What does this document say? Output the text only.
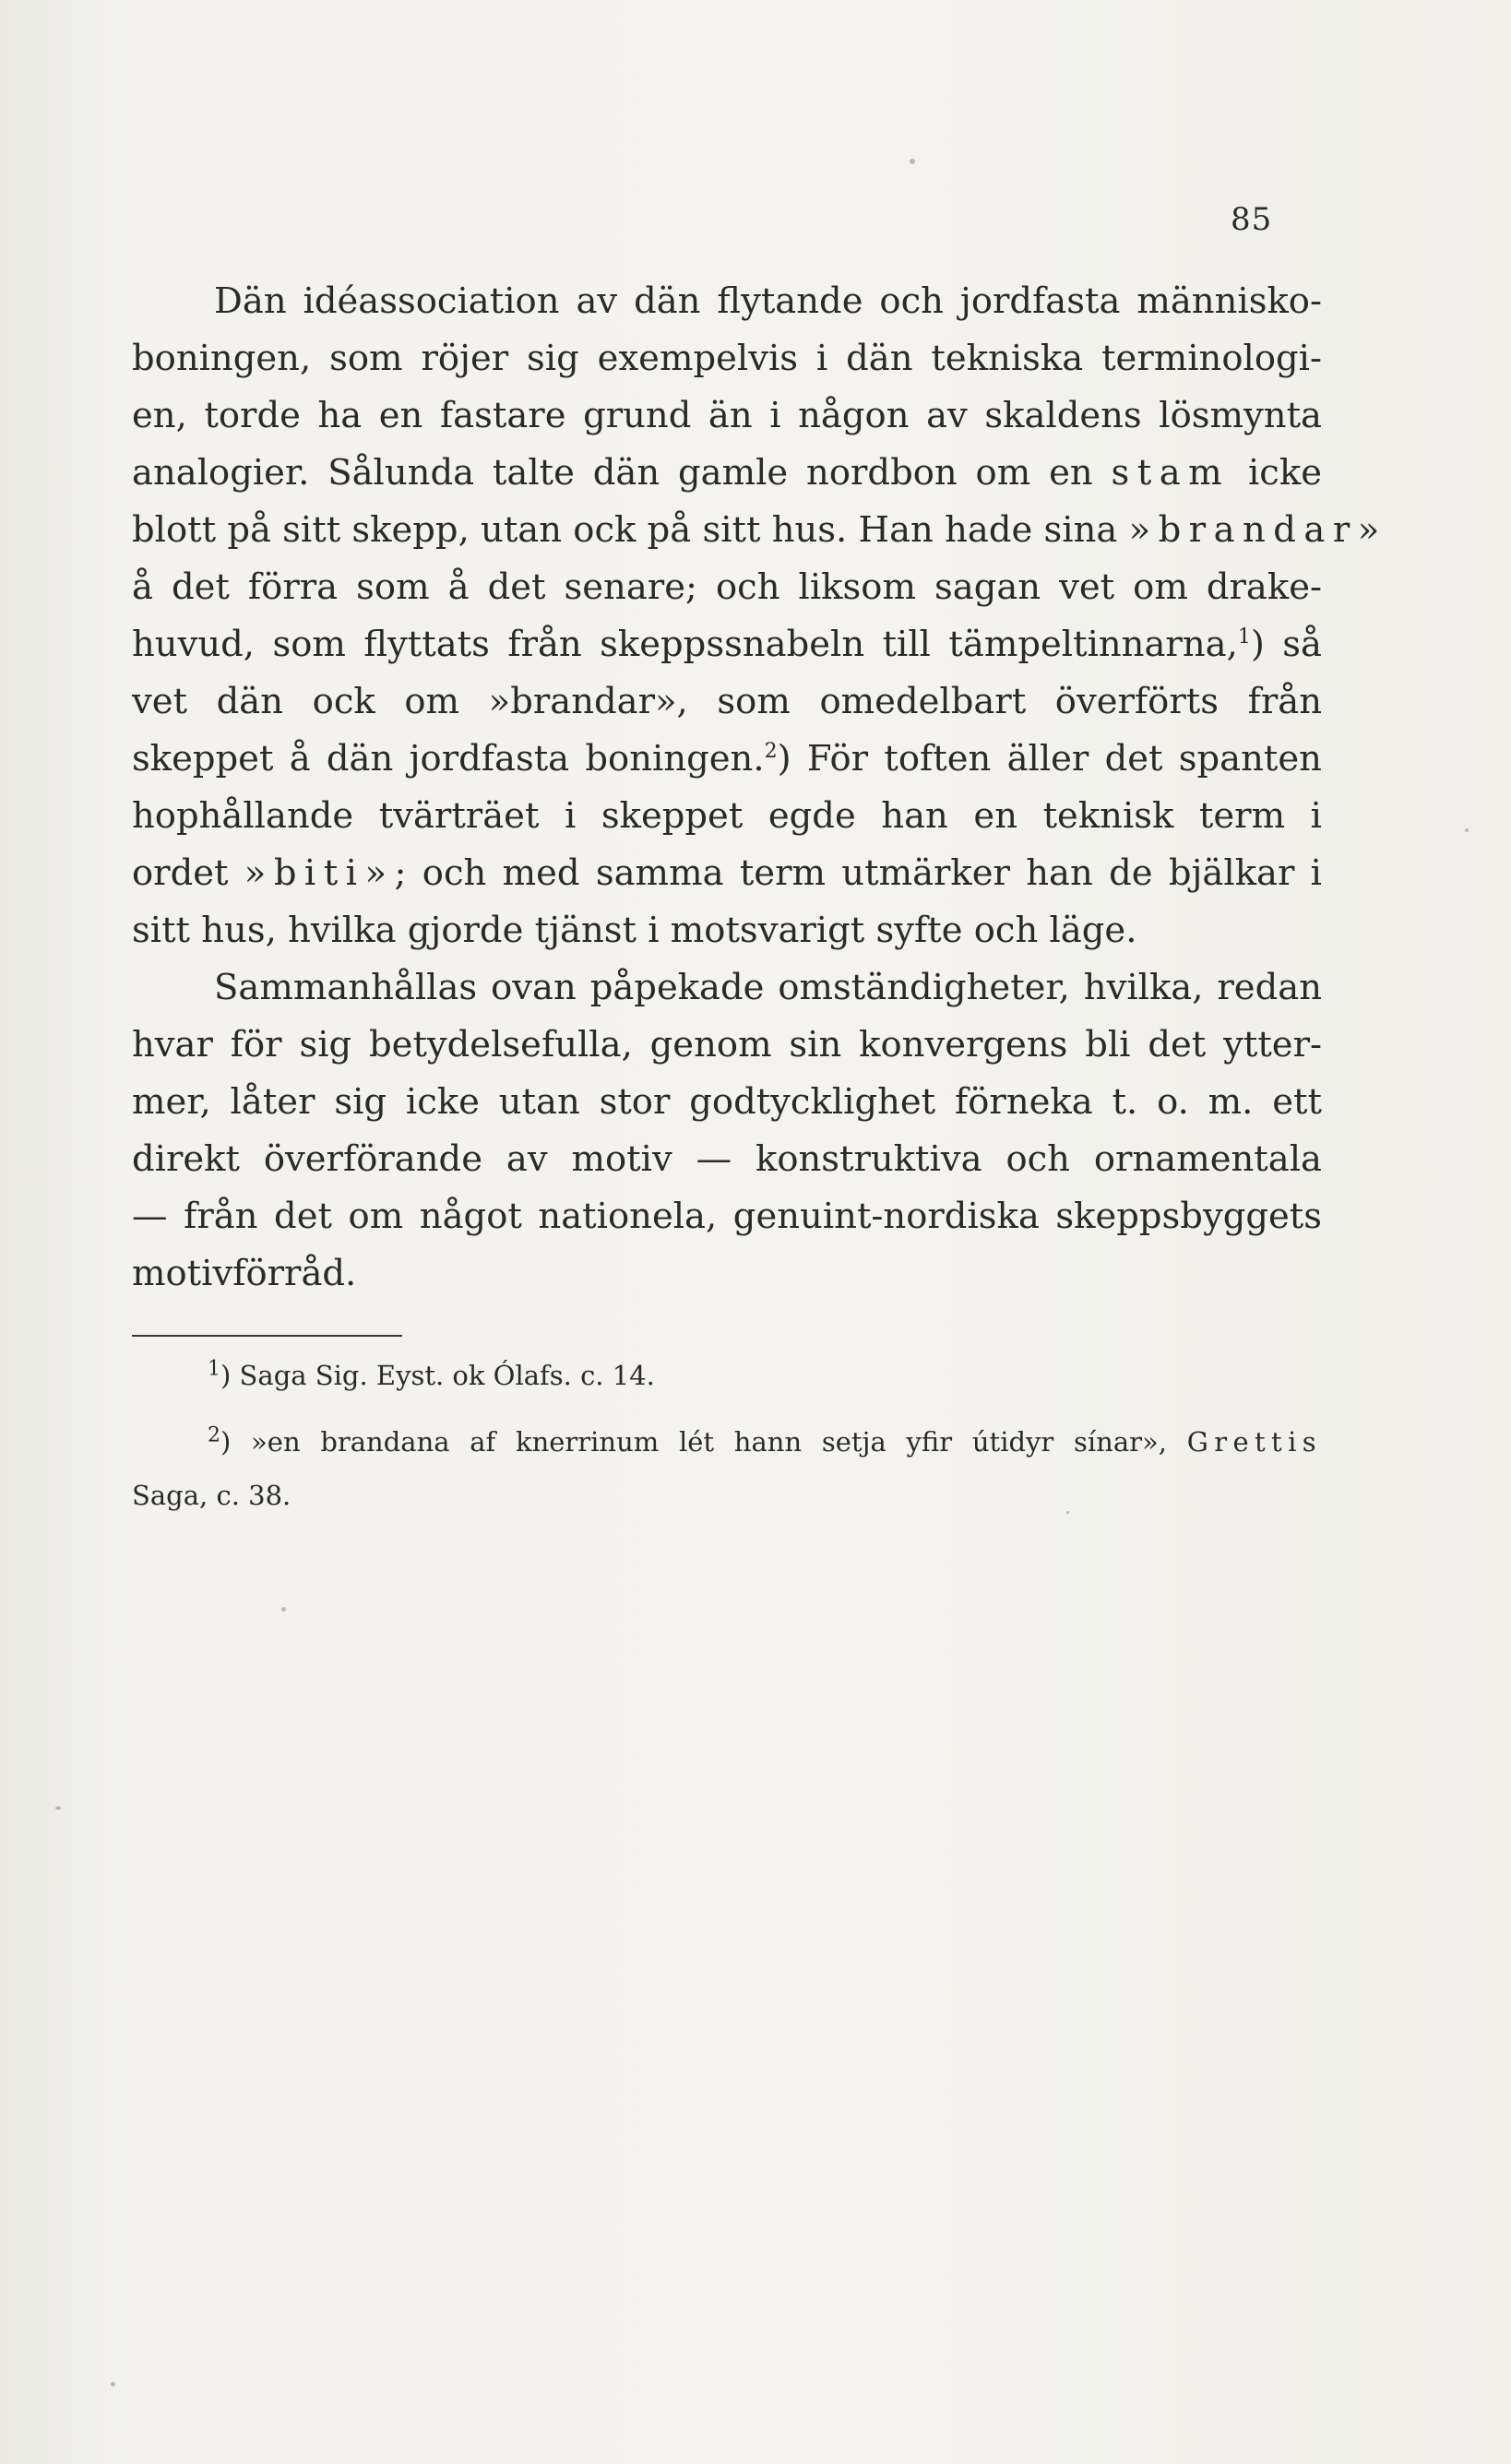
85
Dän idéassociation av dän flytande och jordfasta människo-
boningen, som röjer sig exempelvis i dän tekniska terminologi-
en, torde ha en fastare grund än i någon av skaldens lösmynta
analogier. Sålunda talte dän gamle nordbon om en stam icke
blott på sitt skepp, utan ock på sitt hus. Han hade sina »brandar»
å det förra som å det senare; och liksom sagan vet om drake-
huvud, som flyttats från skeppssnabeln till tämpeltinnarna,$^1$) så
vet dän ock om »brandar», som omedelbart överförts från
skeppet å dän jordfasta boningen.$^2$) För toften äller det spanten
hophållande tvärträet i skeppet egde han en teknisk term i
ordet »biti»; och med samma term utmärker han de bjälkar i
sitt hus, hvilka gjorde tjänst i motsvarigt syfte och läge.
Sammanhållas ovan påpekade omständigheter, hvilka, redan
hvar för sig betydelsefulla, genom sin konvergens bli det ytter-
mer, låter sig icke utan stor godtycklighet förneka t. o. m. ett
direkt överförande av motiv — konstruktiva och ornamentala
— från det om något nationela, genuint-nordiska skeppsbyggets
motivförråd.
$^1$) Saga Sig. Eyst. ok Ólafs. c. 14.
$^2$) »en brandana af knerrinum lét hann setja yfir útidyr sínar», Grettis
Saga, c. 38.
